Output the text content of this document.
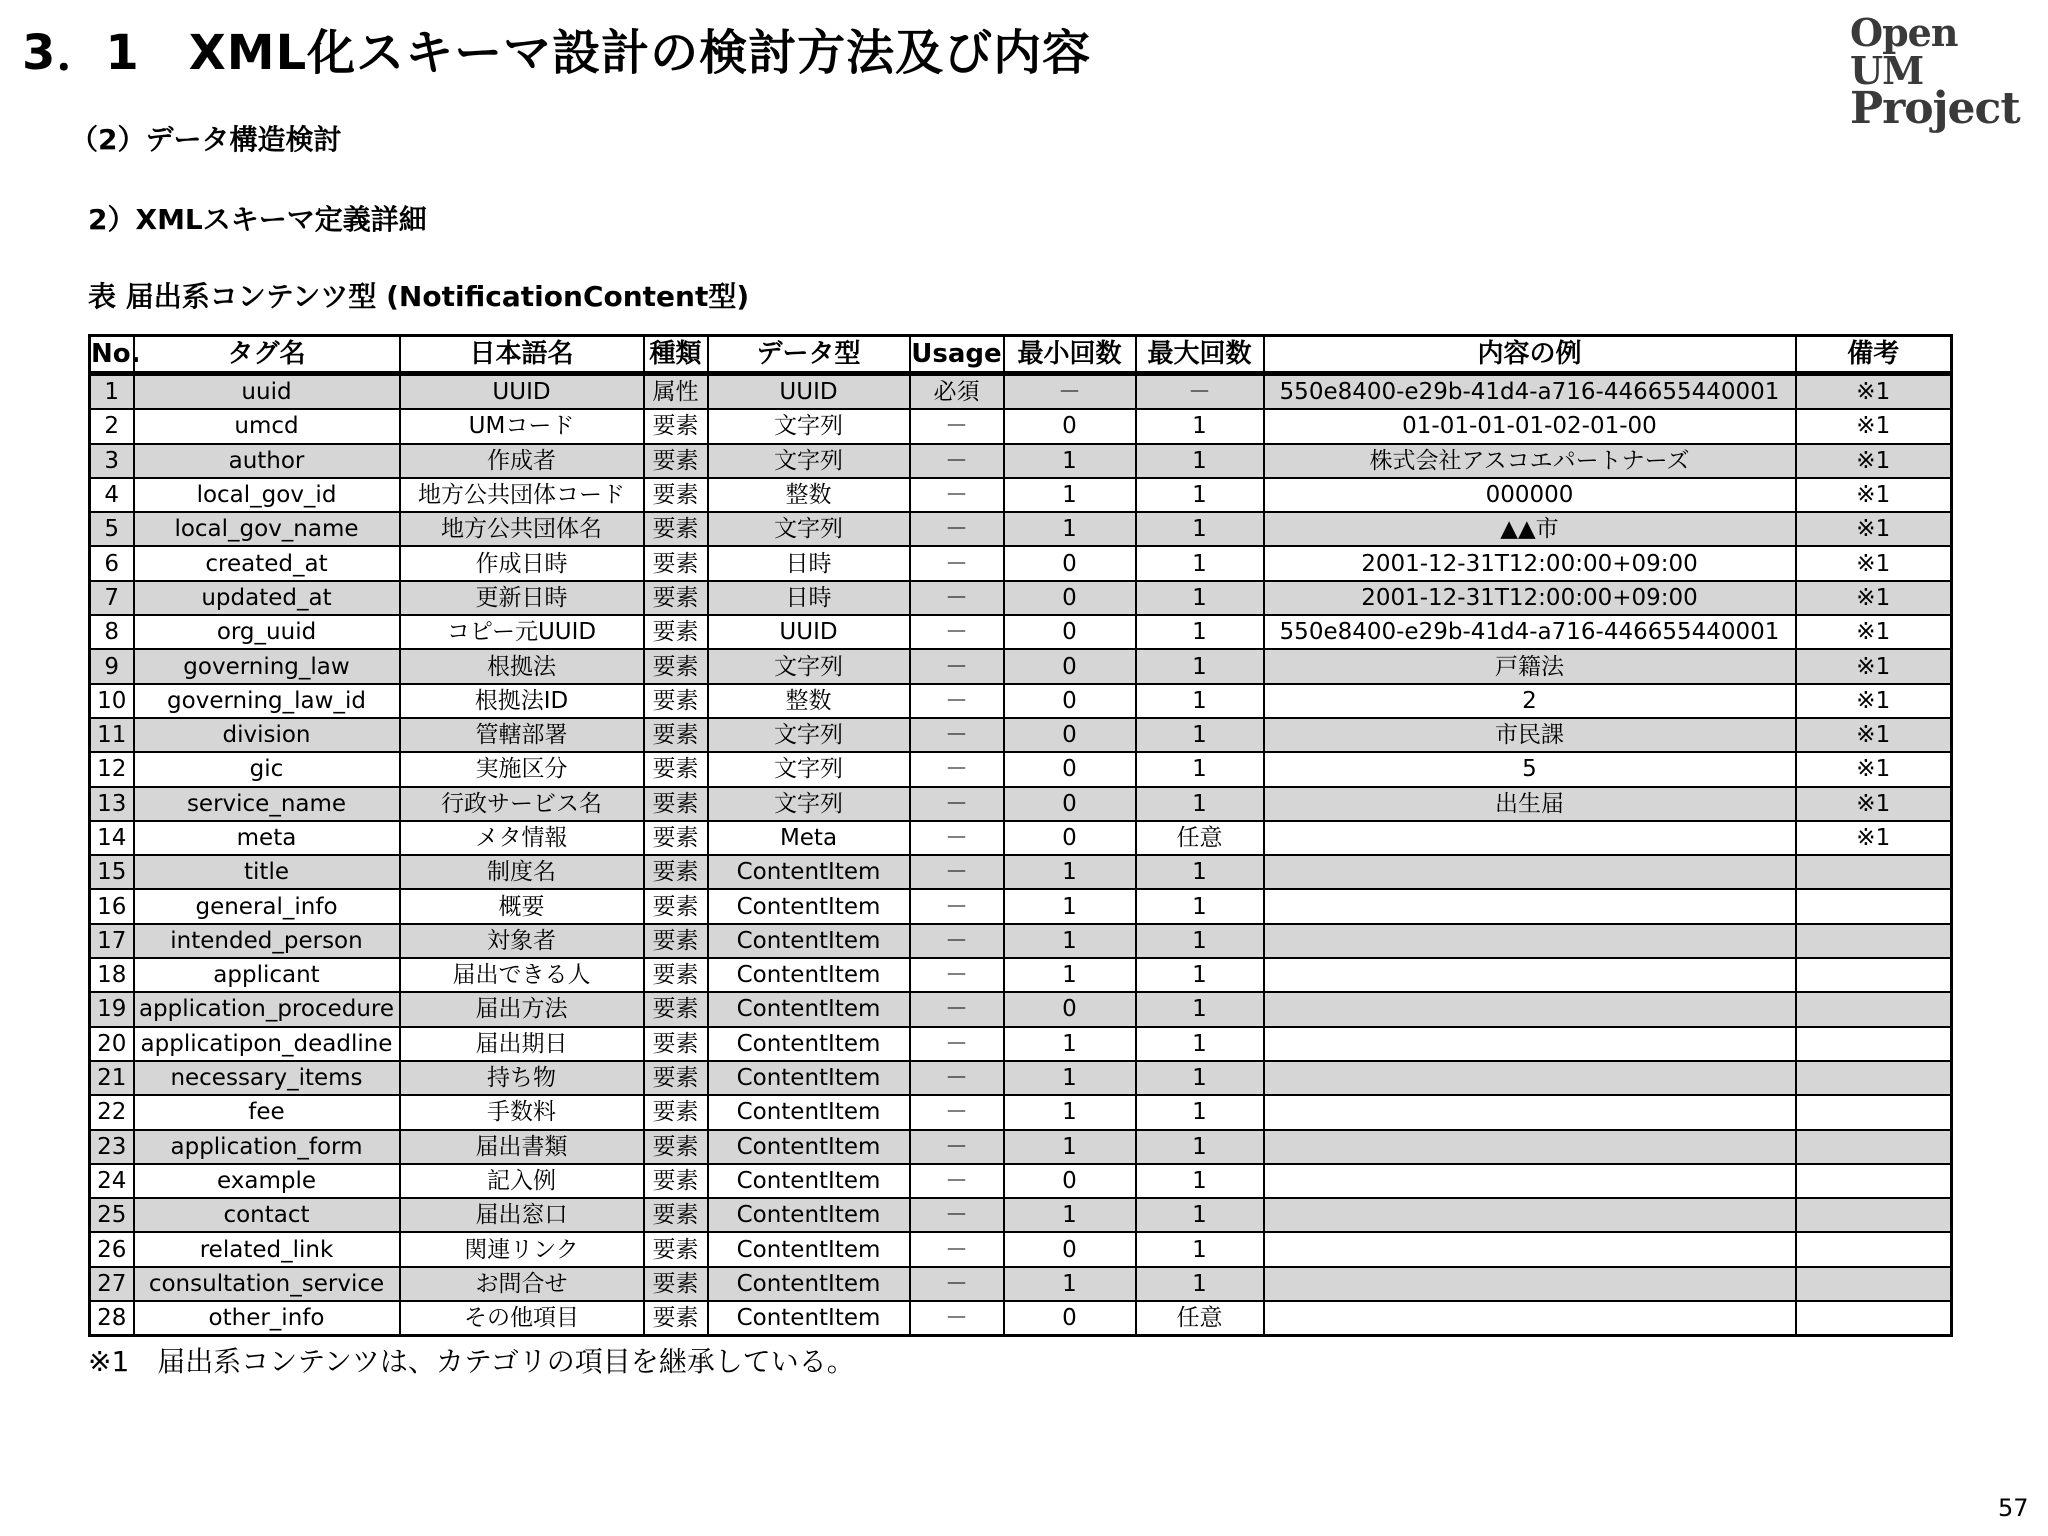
3．1　XML化スキーマ設計の検討方法及び内容	Open UM
Project
（2）データ構造検討
2）XMLスキーマ定義詳細
表 届出系コンテンツ型 (NotificationContent型)
No.	タグ名	日本語名	種類	データ型	Usage	最小回数	最大回数	内容の例	備考
1	uuid	UUID	属性	UUID	必須	－	－	550e8400-e29b-41d4-a716-446655440001	※1
2	umcd	UMコード	要素	文字列	－	0	1	01-01-01-01-02-01-00	※1
3	author	作成者	要素	文字列	－	1	1	株式会社アスコエパートナーズ	※1
4	local_gov_id	地方公共団体コード	要素	整数	－	1	1	000000	※1
5	local_gov_name	地方公共団体名	要素	文字列	－	1	1	▲▲市	※1
6	created_at	作成日時	要素	日時	－	0	1	2001-12-31T12:00:00+09:00	※1
7	updated_at	更新日時	要素	日時	－	0	1	2001-12-31T12:00:00+09:00	※1
8	org_uuid	コピー元UUID	要素	UUID	－	0	1	550e8400-e29b-41d4-a716-446655440001	※1
9	governing_law	根拠法	要素	文字列	－	0	1	戸籍法	※1
10	governing_law_id	根拠法ID	要素	整数	－	0	1	2	※1
11	division	管轄部署	要素	文字列	－	0	1	市民課	※1
12	gic	実施区分	要素	文字列	－	0	1	5	※1
13	service_name	行政サービス名	要素	文字列	－	0	1	出生届	※1
14	meta	メタ情報	要素	Meta	－	0	任意		※1
15	title	制度名	要素	ContentItem	－	1	1		
16	general_info	概要	要素	ContentItem	－	1	1		
17	intended_person	対象者	要素	ContentItem	－	1	1		
18	applicant	届出できる人	要素	ContentItem	－	1	1		
19	application_procedure	届出方法	要素	ContentItem	－	0	1		
20	applicatipon_deadline	届出期日	要素	ContentItem	－	1	1		
21	necessary_items	持ち物	要素	ContentItem	－	1	1		
22	fee	手数料	要素	ContentItem	－	1	1		
23	application_form	届出書類	要素	ContentItem	－	1	1		
24	example	記入例	要素	ContentItem	－	0	1		
25	contact	届出窓口	要素	ContentItem	－	1	1		
26	related_link	関連リンク	要素	ContentItem	－	0	1		
27	consultation_service	お問合せ	要素	ContentItem	－	1	1		
28	other_info	その他項目	要素	ContentItem	－	0	任意		
※1　届出系コンテンツは、カテゴリの項目を継承している。
57
